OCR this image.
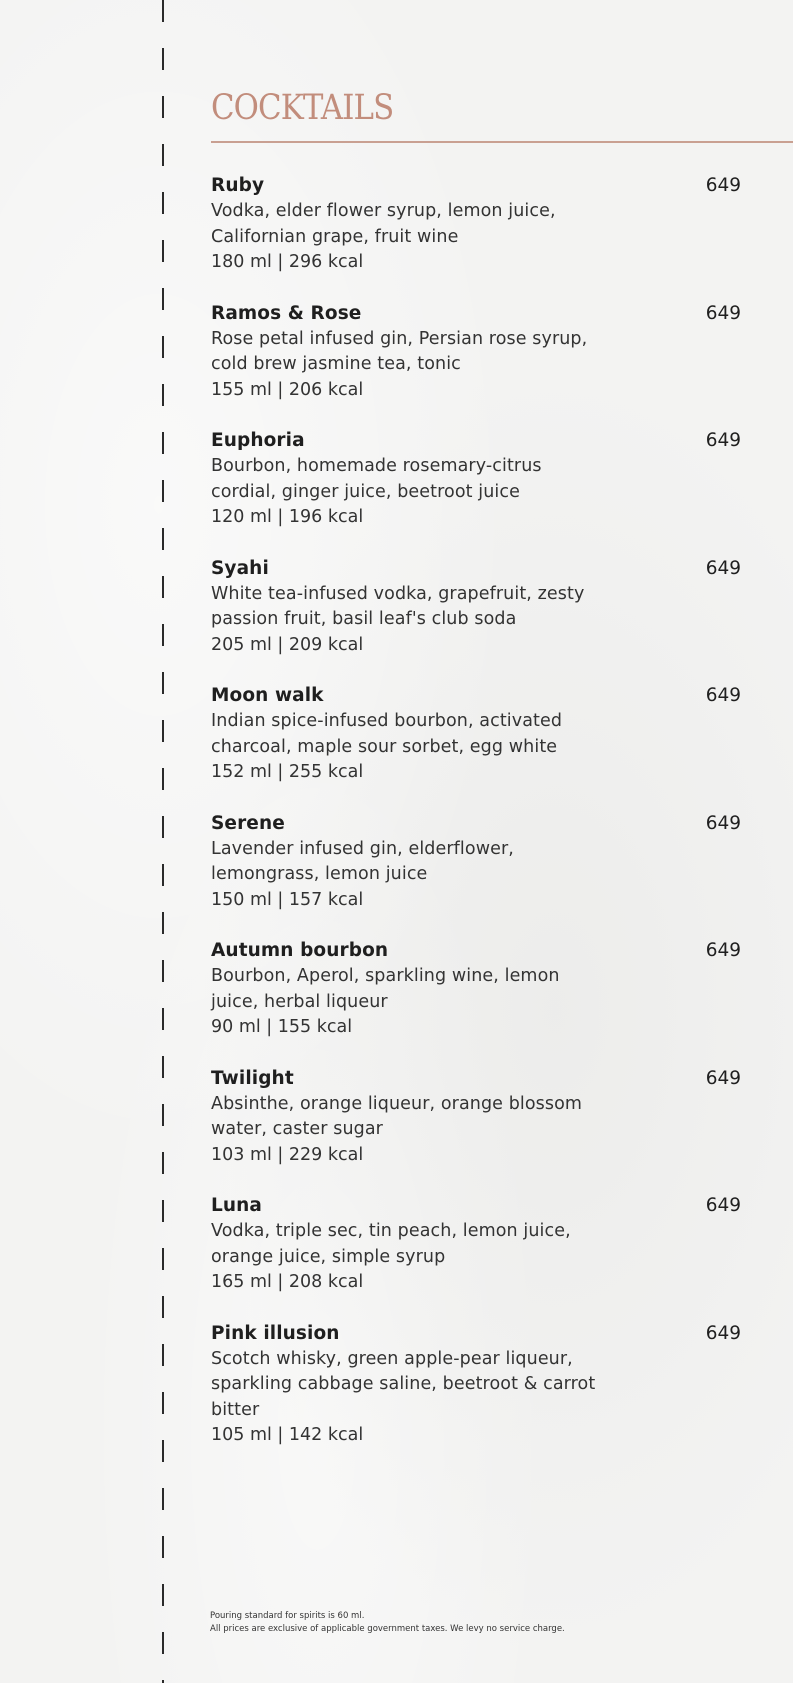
COCKTAILS
Ruby	649
Vodka, elder flower syrup, lemon juice, Californian grape, fruit wine
180 ml | 296 kcal
Ramos & Rose	649
Rose petal infused gin, Persian rose syrup, cold brew jasmine tea, tonic
155 ml | 206 kcal
Euphoria	649
Bourbon, homemade rosemary-citrus cordial, ginger juice, beetroot juice
120 ml | 196 kcal
Syahi	649
White tea-infused vodka, grapefruit, zesty passion fruit, basil leaf's club soda
205 ml | 209 kcal
Moon walk	649
Indian spice-infused bourbon, activated charcoal, maple sour sorbet, egg white
152 ml | 255 kcal
Serene	649
Lavender infused gin, elderflower, lemongrass, lemon juice
150 ml | 157 kcal
Autumn bourbon	649
Bourbon, Aperol, sparkling wine, lemon juice, herbal liqueur
90 ml | 155 kcal
Twilight	649
Absinthe, orange liqueur, orange blossom water, caster sugar
103 ml | 229 kcal
Luna	649
Vodka, triple sec, tin peach, lemon juice, orange juice, simple syrup
165 ml | 208 kcal
Pink illusion	649
Scotch whisky, green apple-pear liqueur, sparkling cabbage saline, beetroot & carrot bitter
105 ml | 142 kcal
Pouring standard for spirits is 60 ml.
All prices are exclusive of applicable government taxes. We levy no service charge.
